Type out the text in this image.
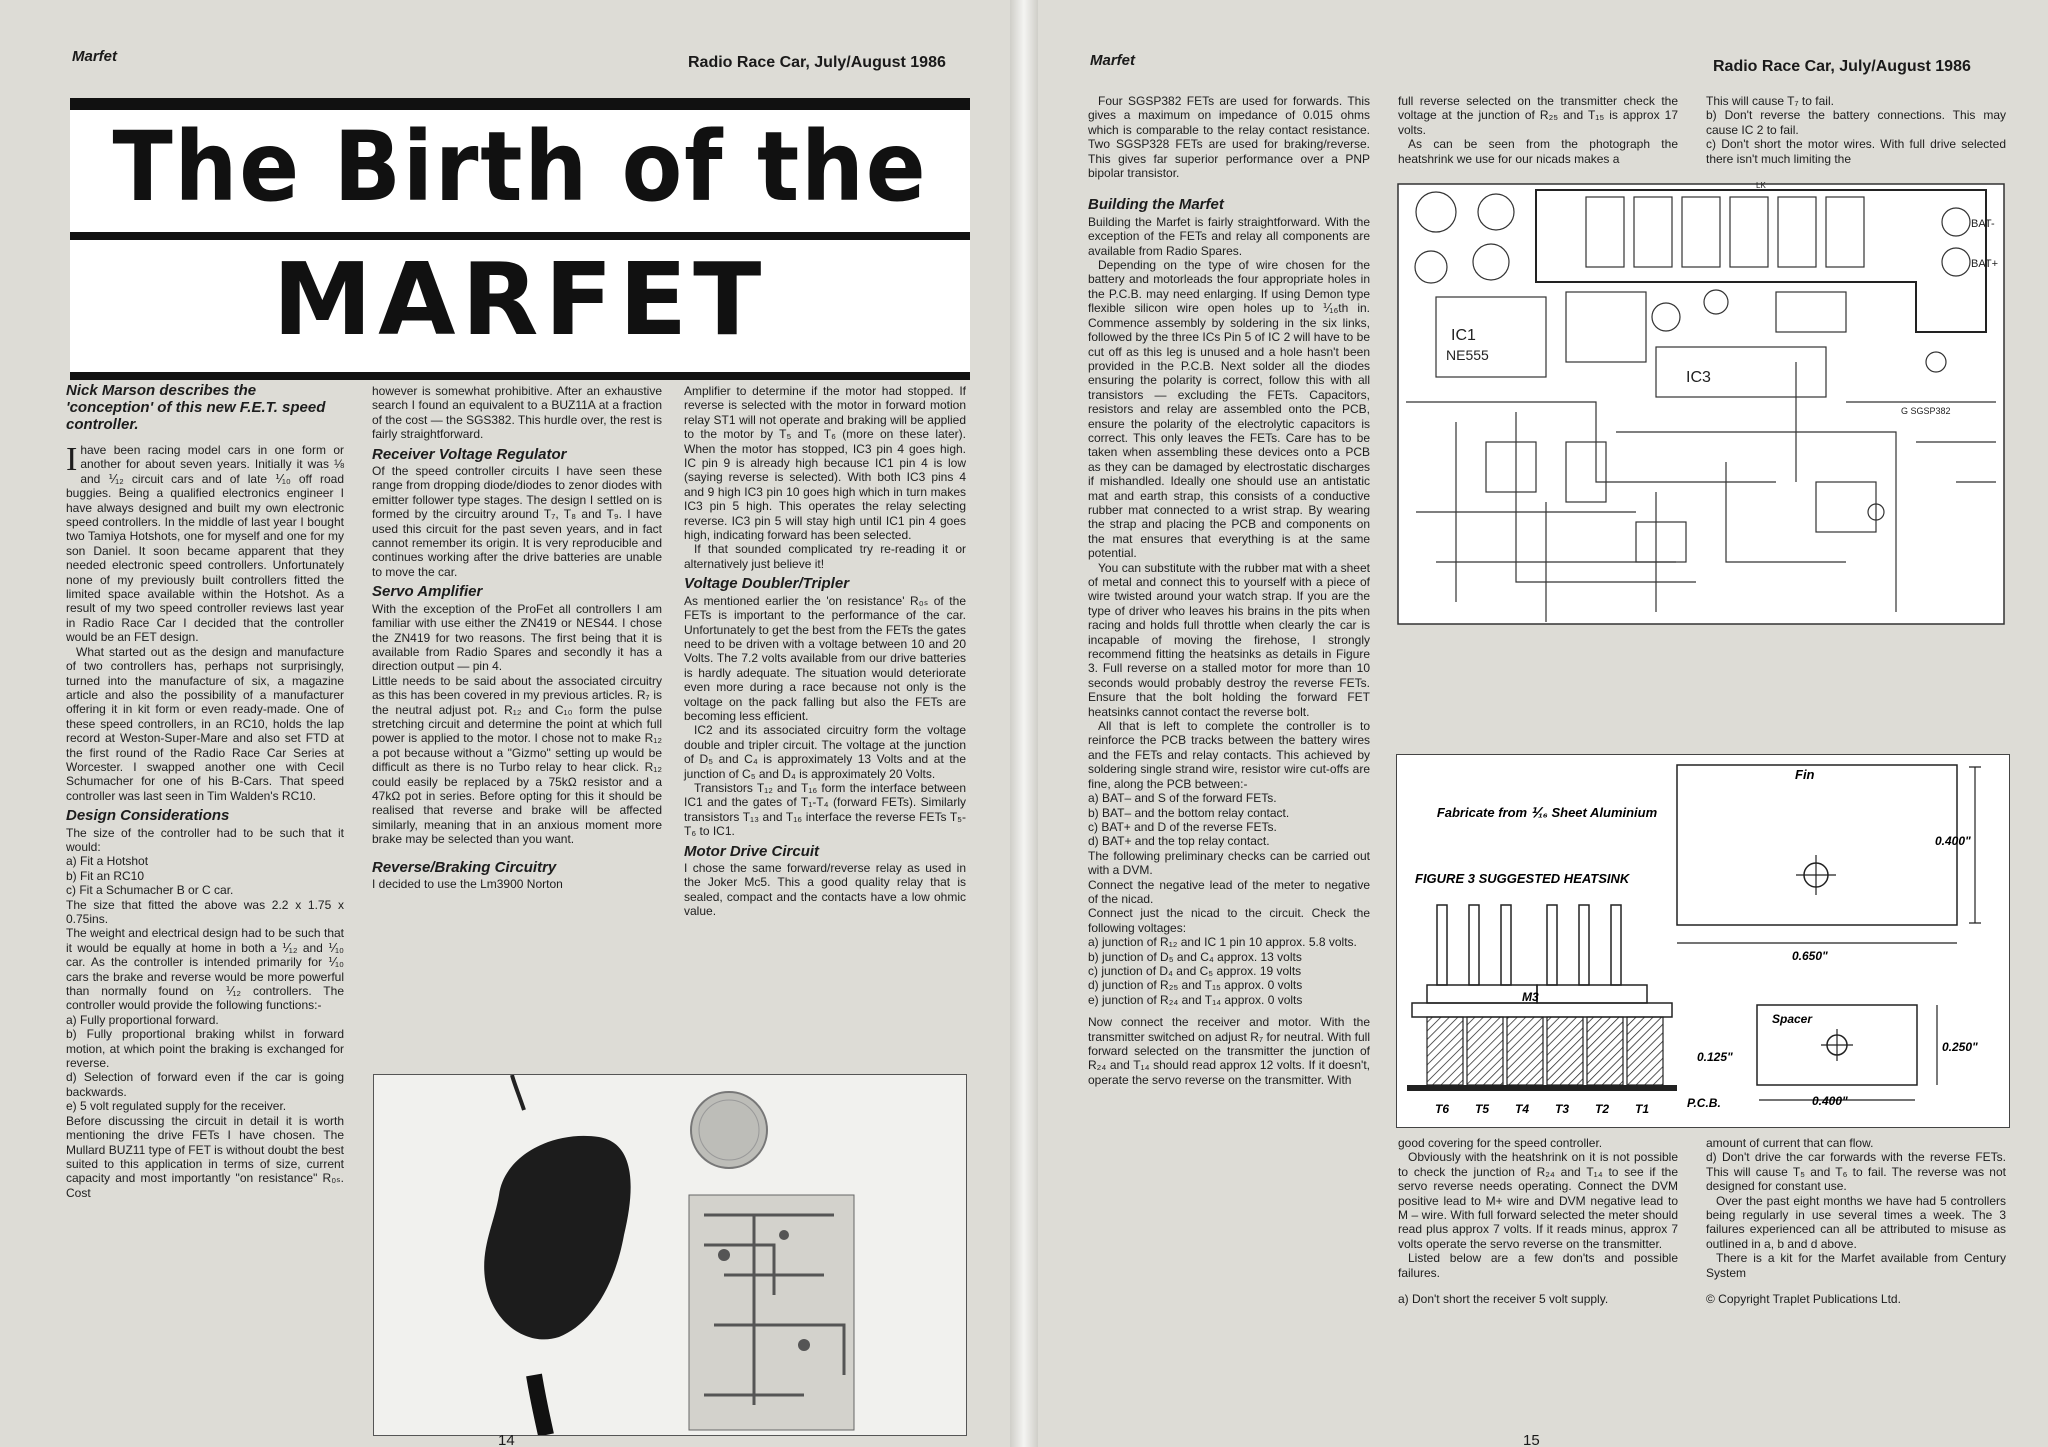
Marfet	Radio Race Car, July/August 1986
The Birth of the
MARFET
Nick Marson describes the 'conception' of this new F.E.T. speed controller.

Ihave been racing model cars in one form or another for about seven years. Initially it was ⅛ and ⅟₁₂ circuit cars and of late ⅟₁₀ off road buggies. Being a qualified electronics engineer I have always designed and built my own electronic speed controllers. In the middle of last year I bought two Tamiya Hotshots, one for myself and one for my son Daniel. It soon became apparent that they needed electronic speed controllers. Unfortunately none of my previously built controllers fitted the limited space available within the Hotshot. As a result of my two speed controller reviews last year in Radio Race Car I decided that the controller would be an FET design.

What started out as the design and manufacture of two controllers has, perhaps not surprisingly, turned into the manufacture of six, a magazine article and also the possibility of a manufacturer offering it in kit form or even ready-made. One of these speed controllers, in an RC10, holds the lap record at Weston-Super-Mare and also set FTD at the first round of the Radio Race Car Series at Worcester. I swapped another one with Cecil Schumacher for one of his B-Cars. That speed controller was last seen in Tim Walden's RC10.

Design Considerations

The size of the controller had to be such that it would:

a) Fit a Hotshot

b) Fit an RC10

c) Fit a Schumacher B or C car.

The size that fitted the above was 2.2 x 1.75 x 0.75ins.

The weight and electrical design had to be such that it would be equally at home in both a ⅟₁₂ and ⅟₁₀ car. As the controller is intended primarily for ⅟₁₀ cars the brake and reverse would be more powerful than normally found on ⅟₁₂ controllers. The controller would provide the following functions:-

a) Fully proportional forward.

b) Fully proportional braking whilst in forward motion, at which point the braking is exchanged for reverse.

d) Selection of forward even if the car is going backwards.

e) 5 volt regulated supply for the receiver.

Before discussing the circuit in detail it is worth mentioning the drive FETs I have chosen. The Mullard BUZ11 type of FET is without doubt the best suited to this application in terms of size, current capacity and most importantly "on resistance" R₀ₛ. Cost

however is somewhat prohibitive. After an exhaustive search I found an equivalent to a BUZ11A at a fraction of the cost — the SGS382. This hurdle over, the rest is fairly straightforward.

Receiver Voltage Regulator

Of the speed controller circuits I have seen these range from dropping diode/diodes to zenor diodes with emitter follower type stages. The design I settled on is formed by the circuitry around T₇, T₈ and T₉. I have used this circuit for the past seven years, and in fact cannot remember its origin. It is very reproducible and continues working after the drive batteries are unable to move the car.

Servo Amplifier

With the exception of the ProFet all controllers I am familiar with use either the ZN419 or NES44. I chose the ZN419 for two reasons. The first being that it is available from Radio Spares and secondly it has a direction output — pin 4.

Little needs to be said about the associated circuitry as this has been covered in my previous articles. R₇ is the neutral adjust pot. R₁₂ and C₁₀ form the pulse stretching circuit and determine the point at which full power is applied to the motor. I chose not to make R₁₂ a pot because without a "Gizmo" setting up would be difficult as there is no Turbo relay to hear click. R₁₂ could easily be replaced by a 75kΩ resistor and a 47kΩ pot in series. Before opting for this it should be realised that reverse and brake will be affected similarly, meaning that in an anxious moment more brake may be selected than you want.

Reverse/Braking Circuitry

I decided to use the Lm3900 Norton

Amplifier to determine if the motor had stopped. If reverse is selected with the motor in forward motion relay ST1 will not operate and braking will be applied to the motor by T₅ and T₆ (more on these later). When the motor has stopped, IC3 pin 4 goes high. IC pin 9 is already high because IC1 pin 4 is low (saying reverse is selected). With both IC3 pins 4 and 9 high IC3 pin 10 goes high which in turn makes IC3 pin 5 high. This operates the relay selecting reverse. IC3 pin 5 will stay high until IC1 pin 4 goes high, indicating forward has been selected.

If that sounded complicated try re-reading it or alternatively just believe it!

Voltage Doubler/Tripler

As mentioned earlier the 'on resistance' R₀ₛ of the FETs is important to the performance of the car. Unfortunately to get the best from the FETs the gates need to be driven with a voltage between 10 and 20 Volts. The 7.2 volts available from our drive batteries is hardly adequate. The situation would deteriorate even more during a race because not only is the voltage on the pack falling but also the FETs are becoming less efficient.

IC2 and its associated circuitry form the voltage double and tripler circuit. The voltage at the junction of D₅ and C₄ is approximately 13 Volts and at the junction of C₅ and D₄ is approximately 20 Volts.

Transistors T₁₂ and T₁₆ form the interface between IC1 and the gates of T₁-T₄ (forward FETs). Similarly transistors T₁₃ and T₁₆ interface the reverse FETs T₅-T₆ to IC1.

Motor Drive Circuit

I chose the same forward/reverse relay as used in the Joker Mc5. This a good quality relay that is sealed, compact and the contacts have a low ohmic value.

14
Marfet	Radio Race Car, July/August 1986

Four SGSP382 FETs are used for forwards. This gives a maximum on impedance of 0.015 ohms which is comparable to the relay contact resistance. Two SGSP328 FETs are used for braking/reverse. This gives far superior performance over a PNP bipolar transistor.

Building the Marfet

Building the Marfet is fairly straightforward. With the exception of the FETs and relay all components are available from Radio Spares.

Depending on the type of wire chosen for the battery and motorleads the four appropriate holes in the P.C.B. may need enlarging. If using Demon type flexible silicon wire open holes up to ⅟₁₆th in. Commence assembly by soldering in the six links, followed by the three ICs Pin 5 of IC 2 will have to be cut off as this leg is unused and a hole hasn't been provided in the P.C.B. Next solder all the diodes ensuring the polarity is correct, follow this with all transistors — excluding the FETs. Capacitors, resistors and relay are assembled onto the PCB, ensure the polarity of the electrolytic capacitors is correct. This only leaves the FETs. Care has to be taken when assembling these devices onto a PCB as they can be damaged by electrostatic discharges if mishandled. Ideally one should use an antistatic mat and earth strap, this consists of a conductive rubber mat connected to a wrist strap. By wearing the strap and placing the PCB and components on the mat ensures that everything is at the same potential.

You can substitute with the rubber mat with a sheet of metal and connect this to yourself with a piece of wire twisted around your watch strap. If you are the type of driver who leaves his brains in the pits when racing and holds full throttle when clearly the car is incapable of moving the firehose, I strongly recommend fitting the heatsinks as details in Figure 3. Full reverse on a stalled motor for more than 10 seconds would probably destroy the reverse FETs. Ensure that the bolt holding the forward FET heatsinks cannot contact the reverse bolt.

All that is left to complete the controller is to reinforce the PCB tracks between the battery wires and the FETs and relay contacts. This achieved by soldering single strand wire, resistor wire cut-offs are fine, along the PCB between:-

a) BAT– and S of the forward FETs.

b) BAT– and the bottom relay contact.

c) BAT+ and D of the reverse FETs.

d) BAT+ and the top relay contact.

The following preliminary checks can be carried out with a DVM.

Connect the negative lead of the meter to negative of the nicad.

Connect just the nicad to the circuit. Check the following voltages:

a) junction of R₁₂ and IC 1 pin 10 approx. 5.8 volts.

b) junction of D₅ and C₄ approx. 13 volts

c) junction of D₄ and C₅ approx. 19 volts

d) junction of R₂₅ and T₁₅ approx. 0 volts

e) junction of R₂₄ and T₁₄ approx. 0 volts

Now connect the receiver and motor. With the transmitter switched on adjust R₇ for neutral. With full forward selected on the transmitter the junction of R₂₄ and T₁₄ should read approx 12 volts. If it doesn't, operate the servo reverse on the transmitter. With

full reverse selected on the transmitter check the voltage at the junction of R₂₅ and T₁₅ is approx 17 volts.

As can be seen from the photograph the heatshrink we use for our nicads makes a

This will cause T₇ to fail.

b) Don't reverse the battery connections. This may cause IC 2 to fail.

c) Don't short the motor wires. With full drive selected there isn't much limiting the

IC1
NE555
IC3
BAT-
BAT+
LK
G SGSP382
Fin
0.400"
0.650"
Fabricate from ⅟₁₆ Sheet Aluminium
FIGURE 3 SUGGESTED HEATSINK
Spacer
0.250"
0.400"
0.125"
M3
P.C.B.
T6 T5 T4 T3 T2 T1

good covering for the speed controller.

Obviously with the heatshrink on it is not possible to check the junction of R₂₄ and T₁₄ to see if the servo reverse needs operating. Connect the DVM positive lead to M+ wire and DVM negative lead to M – wire. With full forward selected the meter should read plus approx 7 volts. If it reads minus, approx 7 volts operate the servo reverse on the transmitter.

Listed below are a few don'ts and possible failures.

a) Don't short the receiver 5 volt supply.

amount of current that can flow.

d) Don't drive the car forwards with the reverse FETs. This will cause T₅ and T₆ to fail. The reverse was not designed for constant use.

Over the past eight months we have had 5 controllers being regularly in use several times a week. The 3 failures experienced can all be attributed to misuse as outlined in a, b and d above.

There is a kit for the Marfet available from Century System

© Copyright Traplet Publications Ltd.

15
